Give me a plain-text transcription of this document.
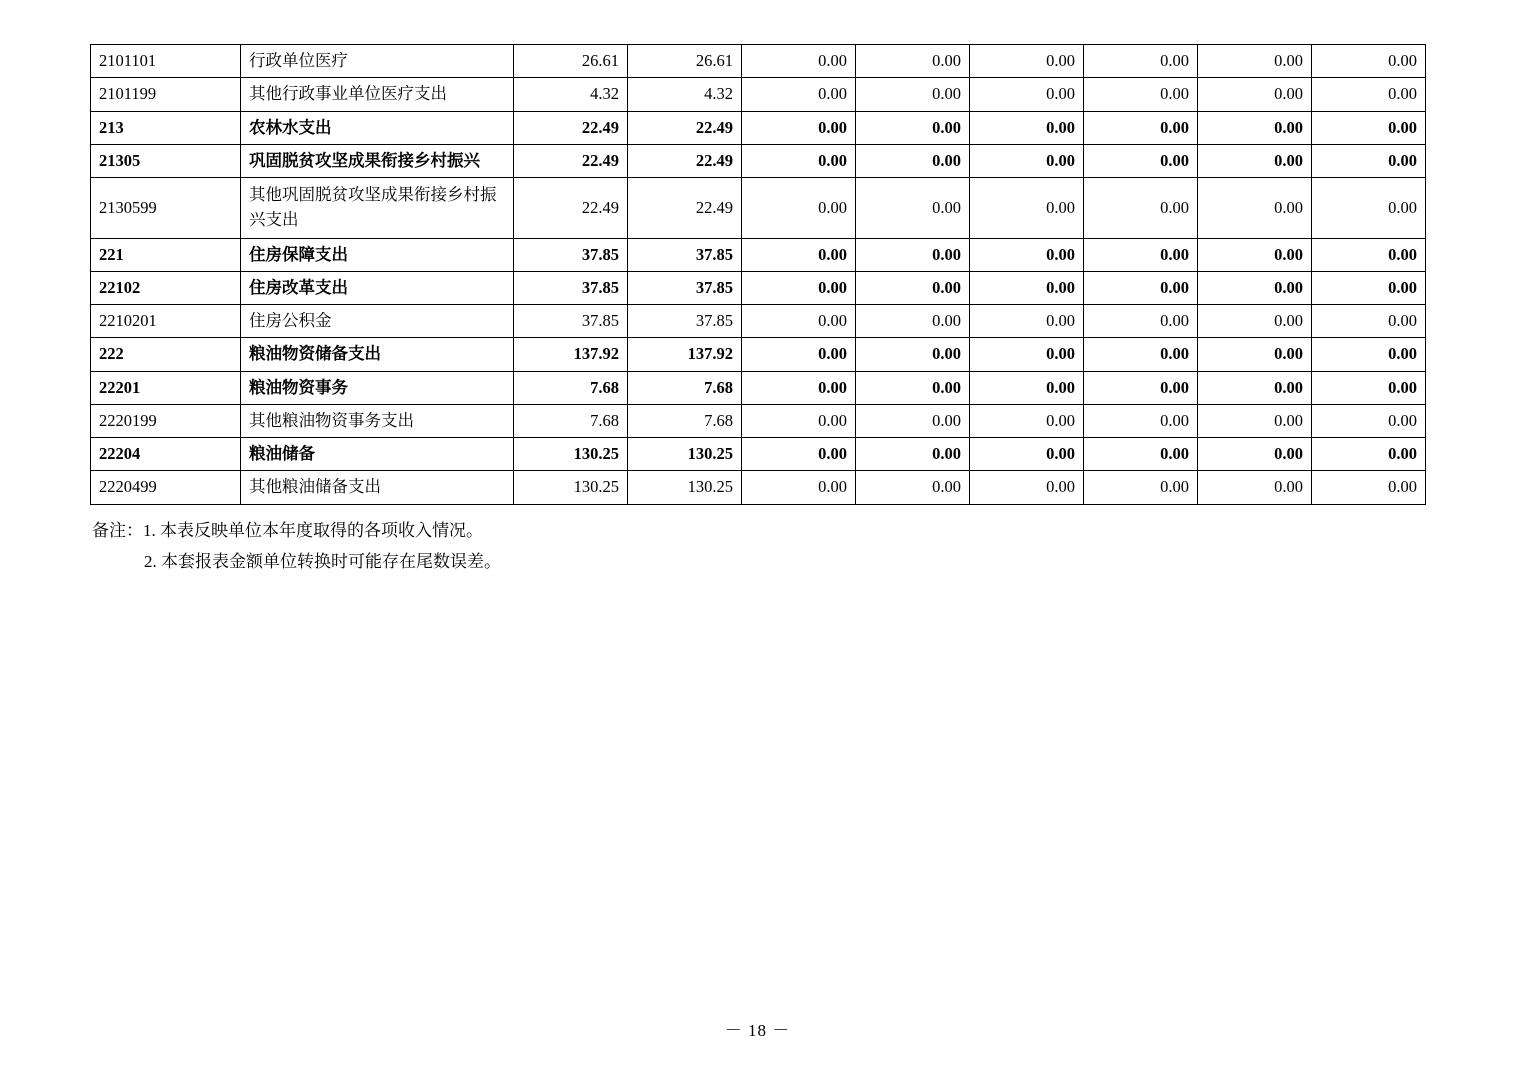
2101101	行政单位医疗	26.61	26.61	0.00	0.00	0.00	0.00	0.00	0.00
2101199	其他行政事业单位医疗支出	4.32	4.32	0.00	0.00	0.00	0.00	0.00	0.00
213	农林水支出	22.49	22.49	0.00	0.00	0.00	0.00	0.00	0.00
21305	巩固脱贫攻坚成果衔接乡村振兴	22.49	22.49	0.00	0.00	0.00	0.00	0.00	0.00
2130599	其他巩固脱贫攻坚成果衔接乡村振兴支出	22.49	22.49	0.00	0.00	0.00	0.00	0.00	0.00
221	住房保障支出	37.85	37.85	0.00	0.00	0.00	0.00	0.00	0.00
22102	住房改革支出	37.85	37.85	0.00	0.00	0.00	0.00	0.00	0.00
2210201	住房公积金	37.85	37.85	0.00	0.00	0.00	0.00	0.00	0.00
222	粮油物资储备支出	137.92	137.92	0.00	0.00	0.00	0.00	0.00	0.00
22201	粮油物资事务	7.68	7.68	0.00	0.00	0.00	0.00	0.00	0.00
2220199	其他粮油物资事务支出	7.68	7.68	0.00	0.00	0.00	0.00	0.00	0.00
22204	粮油储备	130.25	130.25	0.00	0.00	0.00	0.00	0.00	0.00
2220499	其他粮油储备支出	130.25	130.25	0.00	0.00	0.00	0.00	0.00	0.00
备注：1. 本表反映单位本年度取得的各项收入情况。
2. 本套报表金额单位转换时可能存在尾数误差。
－ 18 －
